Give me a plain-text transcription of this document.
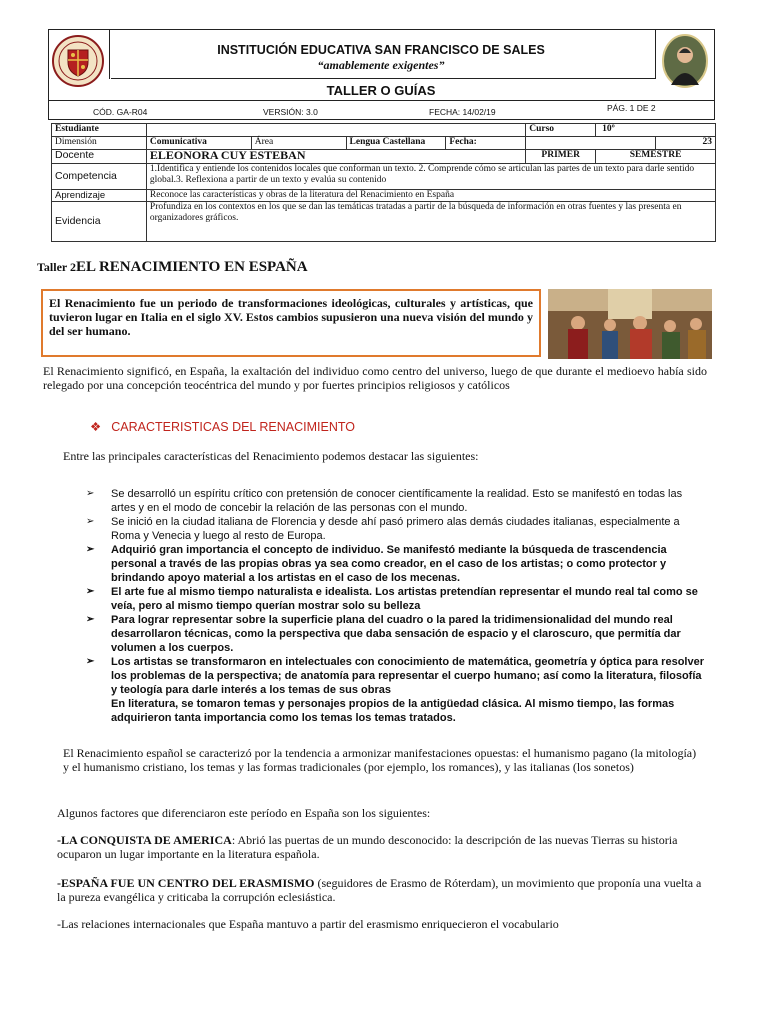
INSTITUCIÓN EDUCATIVA SAN FRANCISCO DE SALES
“amablemente exigentes”
TALLER O GUÍAS
CÓD. GA-R04	VERSIÓN: 3.0	FECHA: 14/02/19	PÁG. 1 DE 2
Estudiante					Curso	10º	
Dimensión	Comunicativa	Área	Lengua Castellana	Fecha:			23
Docente	ELEONORA CUY ESTEBAN				PRIMER	SEMESTRE	
Competencia	1.Identifica y entiende los contenidos locales que conforman un texto. 2. Comprende cómo se articulan las partes de un texto para darle sentido global.3. Reflexiona a partir de un texto y evalúa su contenido						
Aprendizaje	Reconoce las características y obras de la literatura del Renacimiento en España						
Evidencia	Profundiza en los contextos en los que se dan las temáticas tratadas a partir de la búsqueda de información en otras fuentes y las presenta en organizadores gráficos.						
Taller 2EL RENACIMIENTO EN ESPAÑA
El Renacimiento fue un periodo de transformaciones ideológicas, culturales y artísticas, que tuvieron lugar en Italia en el siglo XV. Estos cambios supusieron una nueva visión del mundo y del ser humano.
El Renacimiento significó, en España, la exaltación del individuo como centro del universo, luego de que durante el medioevo había sido relegado por una concepción teocéntrica del mundo y por fuertes principios religiosos y católicos
❖ CARACTERISTICAS DEL RENACIMIENTO
Entre las principales características del Renacimiento podemos destacar las siguientes:
➢ Se desarrolló un espíritu crítico con pretensión de conocer científicamente la realidad. Esto se manifestó en todas las artes y en el modo de concebir la relación de las personas con el mundo.
➢ Se inició en la ciudad italiana de Florencia y desde ahí pasó primero alas demás ciudades italianas, especialmente a Roma y Venecia y luego al resto de Europa.
➢ Adquirió gran importancia el concepto de individuo. Se manifestó mediante la búsqueda de trascendencia personal a través de las propias obras ya sea como creador, en el caso de los artistas; o como protector y brindando apoyo material a los artistas en el caso de los mecenas.
➢ El arte fue al mismo tiempo naturalista e idealista. Los artistas pretendían representar el mundo real tal como se veía, pero al mismo tiempo querían mostrar solo su belleza
➢ Para lograr representar sobre la superficie plana del cuadro o la pared la tridimensionalidad del mundo real desarrollaron técnicas, como la perspectiva que daba sensación de espacio y el claroscuro, que permitía dar volumen a los cuerpos.
➢ Los artistas se transformaron en intelectuales con conocimiento de matemática, geometría y óptica para resolver los problemas de la perspectiva; de anatomía para representar el cuerpo humano; así como la literatura, filosofía y teología para darle interés a los temas de sus obras
En literatura, se tomaron temas y personajes propios de la antigüedad clásica. Al mismo tiempo, las formas adquirieron tanta importancia como los temas los temas tratados.
El Renacimiento español se caracterizó por la tendencia a armonizar manifestaciones opuestas: el humanismo pagano (la mitología) y el humanismo cristiano, los temas y las formas tradicionales (por ejemplo, los romances), y las italianas (los sonetos)
Algunos factores que diferenciaron este período en España son los siguientes:
-LA CONQUISTA DE AMERICA: Abrió las puertas de un mundo desconocido: la descripción de las nuevas Tierras su historia ocuparon un lugar importante en la literatura española.
-ESPAÑA FUE UN CENTRO DEL ERASMISMO (seguidores de Erasmo de Róterdam), un movimiento que proponía una vuelta a la pureza evangélica y criticaba la corrupción eclesiástica.
-Las relaciones internacionales que España mantuvo a partir del erasmismo enriquecieron el vocabulario
